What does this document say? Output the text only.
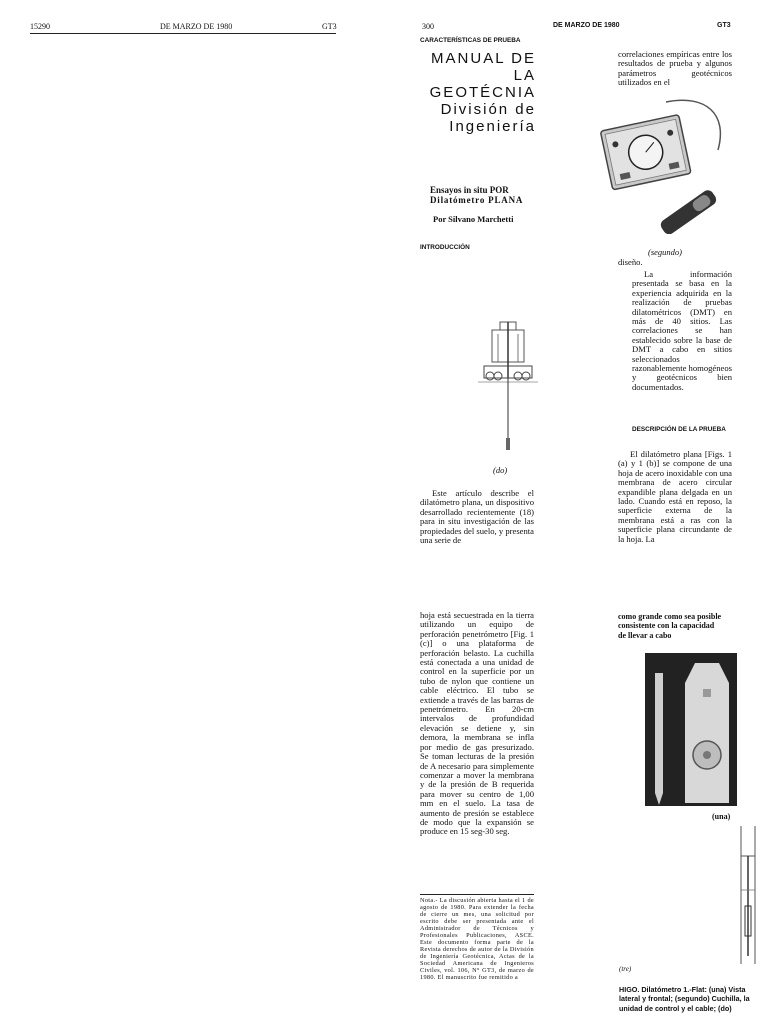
15290	DE MARZO DE 1980	GT3	300	DE MARZO DE 1980	GT3
CARACTERÍSTICAS DE PRUEBA
MANUAL DE
LA
GEOTÉCNIA
División de
Ingeniería
Ensayos in situ POR
Dilatómetro PLANA
Por Silvano Marchetti
INTRODUCCIÓN
(do)

Este artículo describe el dilatómetro plana, un dispositivo desarrollado recientemente (18) para in situ investigación de las propiedades del suelo, y presenta una serie de

correlaciones empíricas entre los resultados de prueba y algunos parámetros geotécnicos utilizados en el
(segundo)
diseño.

La información presentada se basa en la experiencia adquirida en la realización de pruebas dilatométricos (DMT) en más de 40 sitios. Las correlaciones se han establecido sobre la base de DMT a cabo en sitios seleccionados razonablemente homogéneos y geotécnicos bien documentados.

DESCRIPCIÓN DE LA PRUEBA

El dilatómetro plana [Figs. 1 (a) y 1 (b)] se compone de una hoja de acero inoxidable con una membrana de acero circular expandible plana delgada en un lado. Cuando está en reposo, la superficie externa de la membrana está a ras con la superficie plana circundante de la hoja. La

hoja está secuestrada en la tierra utilizando un equipo de perforación penetrómetro [Fig. 1 (c)] o una plataforma de perforación belasto. La cuchilla está conectada a una unidad de control en la superficie por un tubo de nylon que contiene un cable eléctrico. El tubo se extiende a través de las barras de penetrómetro. En 20-cm intervalos de profundidad elevación se detiene y, sin demora, la membrana se infla por medio de gas presurizado. Se toman lecturas de la presión de A necesario para simplemente comenzar a mover la membrana y de la presión de B requerida para mover su centro de 1,00 mm en el suelo. La tasa de aumento de presión se establece de modo que la expansión se produce en 15 seg-30 seg.
Nota.- La discusión abierta hasta el 1 de agosto de 1980. Para extender la fecha de cierre un mes, una solicitud por escrito debe ser presentada ante el Administrador de Técnicos y Profesionales Publicaciones, ASCE. Este documento forma parte de la Revista derechos de autor de la División de Ingeniería Geotécnica, Actas de la Sociedad Americana de Ingenieros Civiles, vol. 106, N° GT3, de marzo de 1980. El manuscrito fue remitido a
como grande como sea posible consistente con la capacidad de llevar a cabo
(una)
(tre)
HIGO. Dilatómetro 1.-Flat: (una) Vista lateral y frontal; (segundo) Cuchilla, la unidad de control y el cable; (do)
